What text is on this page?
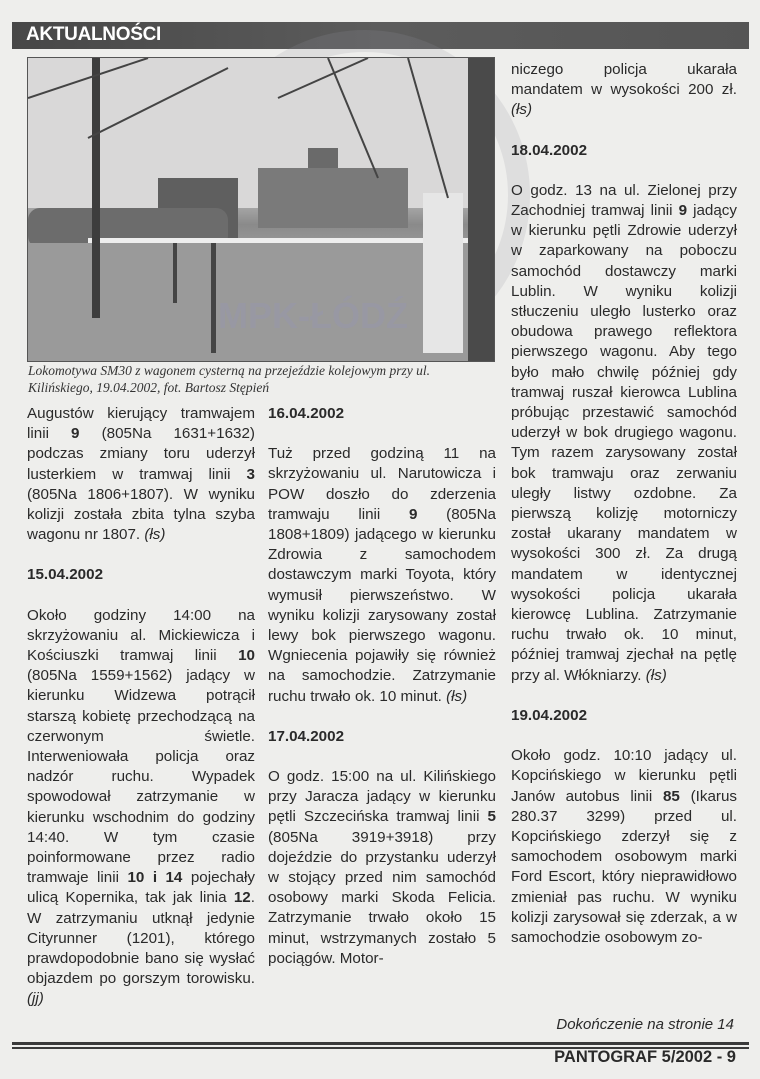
AKTUALNOŚCI
MPK-ŁÓDŹ
Lokomotywa SM30 z wagonem cysterną na przejeździe kolejowym przy ul.
Kilińskiego, 19.04.2002, fot. Bartosz Stępień

Augustów kierujący tramwajem linii 9 (805Na 1631+1632) podczas zmiany toru uderzył lusterkiem w tramwaj linii 3 (805Na 1806+1807). W wyniku kolizji została zbita tylna szyba wagonu nr 1807. (łs)

15.04.2002

Około godziny 14:00 na skrzyżowaniu al. Mickiewicza i Kościuszki tramwaj linii 10 (805Na 1559+1562) jadący w kierunku Widzewa potrącił starszą kobietę przechodzącą na czerwonym świetle. Interweniowała policja oraz nadzór ruchu. Wypadek spowodował zatrzymanie w kierunku wschodnim do godziny 14:40. W tym czasie poinformowane przez radio tramwaje linii 10 i 14 pojechały ulicą Kopernika, tak jak linia 12. W zatrzymaniu utknął jedynie Cityrunner (1201), którego prawdopodobnie bano się wysłać objazdem po gorszym torowisku. (jj)

16.04.2002

Tuż przed godziną 11 na skrzyżowaniu ul. Narutowicza i POW doszło do zderzenia tramwaju linii 9 (805Na 1808+1809) jadącego w kierunku Zdrowia z samochodem dostawczym marki Toyota, który wymusił pierwszeństwo. W wyniku kolizji zarysowany został lewy bok pierwszego wagonu. Wgniecenia pojawiły się również na samochodzie. Zatrzymanie ruchu trwało ok. 10 minut. (łs)

17.04.2002

O godz. 15:00 na ul. Kilińskiego przy Jaracza jadący w kierunku pętli Szczecińska tramwaj linii 5 (805Na 3919+3918) przy dojeździe do przystanku uderzył w stojący przed nim samochód osobowy marki Skoda Felicia. Zatrzymanie trwało około 15 minut, wstrzymanych zostało 5 pociągów. Motor-

niczego policja ukarała mandatem w wysokości 200 zł. (łs)

18.04.2002

O godz. 13 na ul. Zielonej przy Zachodniej tramwaj linii 9 jadący w kierunku pętli Zdrowie uderzył w zaparkowany na poboczu samochód dostawczy marki Lublin. W wyniku kolizji stłuczeniu uległo lusterko oraz obudowa prawego reflektora pierwszego wagonu. Aby tego było mało chwilę później gdy tramwaj ruszał kierowca Lublina próbując przestawić samochód uderzył w bok drugiego wagonu. Tym razem zarysowany został bok tramwaju oraz zerwaniu uległy listwy ozdobne. Za pierwszą kolizję motorniczy został ukarany mandatem w wysokości 300 zł. Za drugą mandatem w identycznej wysokości policja ukarała kierowcę Lublina. Zatrzymanie ruchu trwało ok. 10 minut, później tramwaj zjechał na pętlę przy al. Włókniarzy. (łs)

19.04.2002

Około godz. 10:10 jadący ul. Kopcińskiego w kierunku pętli Janów autobus linii 85 (Ikarus 280.37 3299) przed ul. Kopcińskiego zderzył się z samochodem osobowym marki Ford Escort, który nieprawidłowo zmieniał pas ruchu. W wyniku kolizji zarysował się zderzak, a w samochodzie osobowym zo-

Dokończenie na stronie 14
PANTOGRAF 5/2002 - 9
